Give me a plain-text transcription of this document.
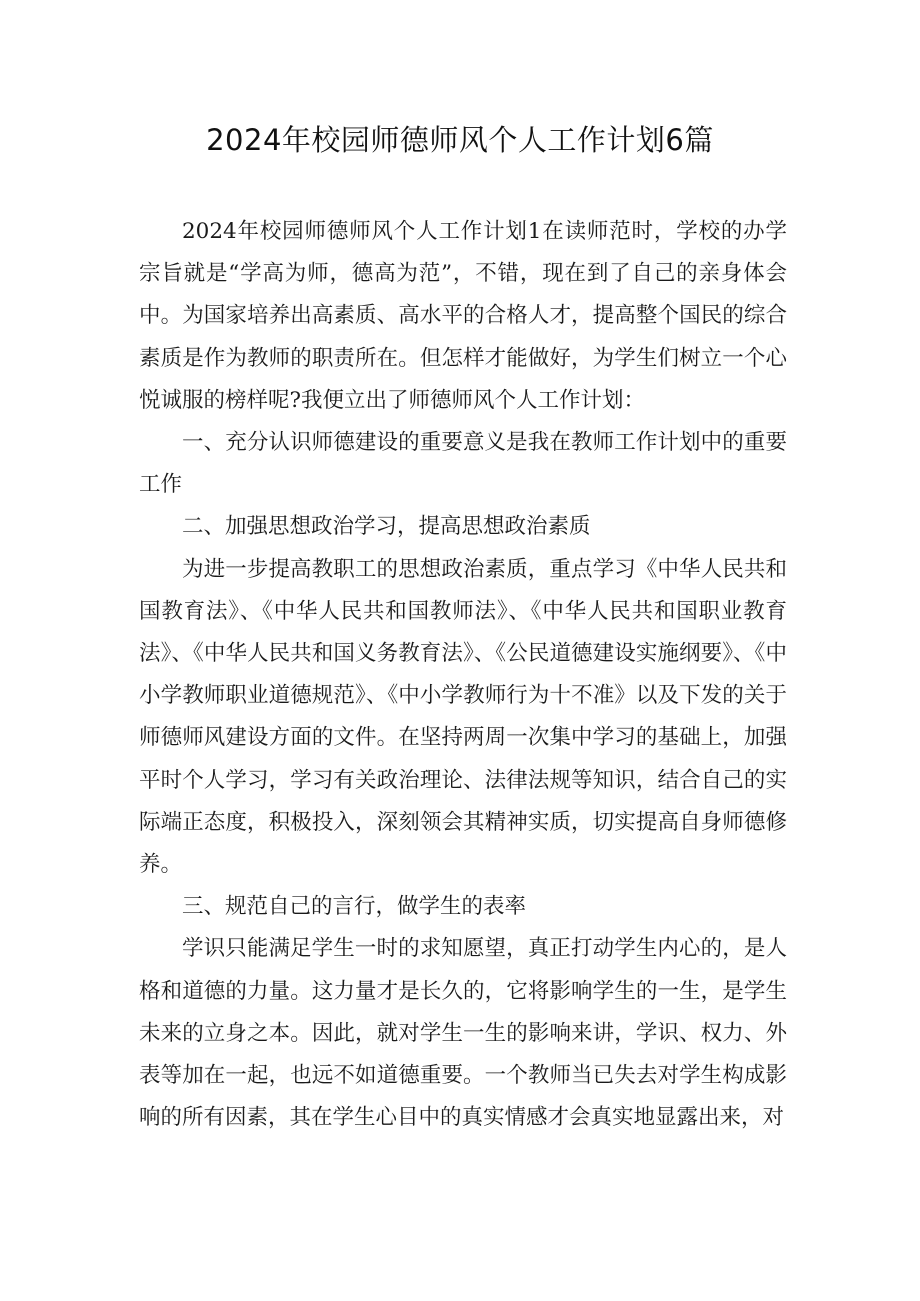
2024年校园师德师风个人工作计划6篇

2024年校园师德师风个人工作计划1在读师范时，学校的办学宗旨就是“学高为师，德高为范”，不错，现在到了自己的亲身体会中。为国家培养出高素质、高水平的合格人才，提高整个国民的综合素质是作为教师的职责所在。但怎样才能做好，为学生们树立一个心悦诚服的榜样呢?我便立出了师德师风个人工作计划：

一、充分认识师德建设的重要意义是我在教师工作计划中的重要工作

二、加强思想政治学习，提高思想政治素质

为进一步提高教职工的思想政治素质，重点学习《中华人民共和国教育法》、《中华人民共和国教师法》、《中华人民共和国职业教育法》、《中华人民共和国义务教育法》、《公民道德建设实施纲要》、《中小学教师职业道德规范》、《中小学教师行为十不准》以及下发的关于师德师风建设方面的文件。在坚持两周一次集中学习的基础上，加强平时个人学习，学习有关政治理论、法律法规等知识，结合自己的实际端正态度，积极投入，深刻领会其精神实质，切实提高自身师德修养。

三、规范自己的言行，做学生的表率

学识只能满足学生一时的求知愿望，真正打动学生内心的，是人格和道德的力量。这力量才是长久的，它将影响学生的一生，是学生未来的立身之本。因此，就对学生一生的影响来讲，学识、权力、外表等加在一起，也远不如道德重要。一个教师当已失去对学生构成影响的所有因素，其在学生心目中的真实情感才会真实地显露出来，对
